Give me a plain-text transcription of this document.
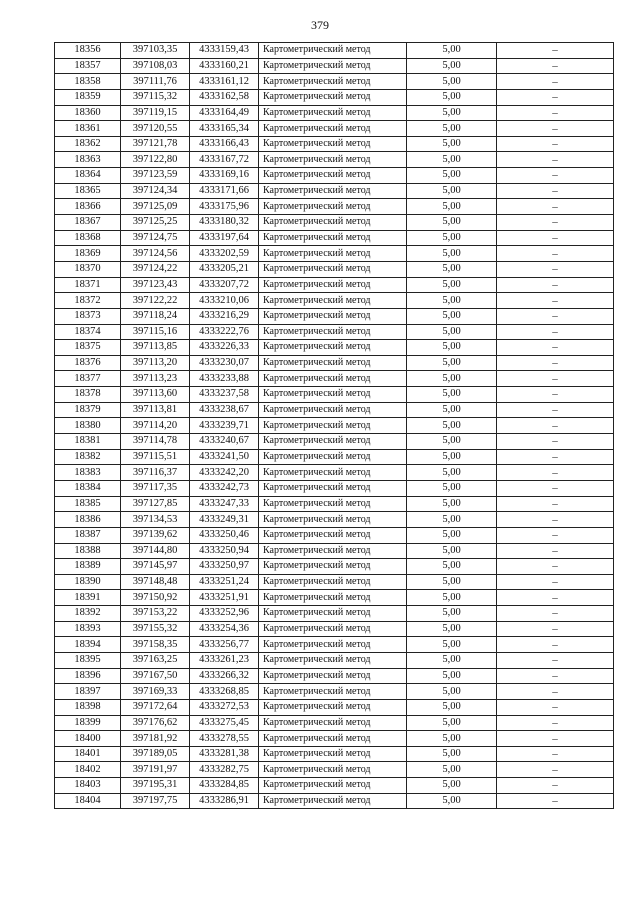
379
18356	397103,35	4333159,43	Картометрический метод	5,00	–
18357	397108,03	4333160,21	Картометрический метод	5,00	–
18358	397111,76	4333161,12	Картометрический метод	5,00	–
18359	397115,32	4333162,58	Картометрический метод	5,00	–
18360	397119,15	4333164,49	Картометрический метод	5,00	–
18361	397120,55	4333165,34	Картометрический метод	5,00	–
18362	397121,78	4333166,43	Картометрический метод	5,00	–
18363	397122,80	4333167,72	Картометрический метод	5,00	–
18364	397123,59	4333169,16	Картометрический метод	5,00	–
18365	397124,34	4333171,66	Картометрический метод	5,00	–
18366	397125,09	4333175,96	Картометрический метод	5,00	–
18367	397125,25	4333180,32	Картометрический метод	5,00	–
18368	397124,75	4333197,64	Картометрический метод	5,00	–
18369	397124,56	4333202,59	Картометрический метод	5,00	–
18370	397124,22	4333205,21	Картометрический метод	5,00	–
18371	397123,43	4333207,72	Картометрический метод	5,00	–
18372	397122,22	4333210,06	Картометрический метод	5,00	–
18373	397118,24	4333216,29	Картометрический метод	5,00	–
18374	397115,16	4333222,76	Картометрический метод	5,00	–
18375	397113,85	4333226,33	Картометрический метод	5,00	–
18376	397113,20	4333230,07	Картометрический метод	5,00	–
18377	397113,23	4333233,88	Картометрический метод	5,00	–
18378	397113,60	4333237,58	Картометрический метод	5,00	–
18379	397113,81	4333238,67	Картометрический метод	5,00	–
18380	397114,20	4333239,71	Картометрический метод	5,00	–
18381	397114,78	4333240,67	Картометрический метод	5,00	–
18382	397115,51	4333241,50	Картометрический метод	5,00	–
18383	397116,37	4333242,20	Картометрический метод	5,00	–
18384	397117,35	4333242,73	Картометрический метод	5,00	–
18385	397127,85	4333247,33	Картометрический метод	5,00	–
18386	397134,53	4333249,31	Картометрический метод	5,00	–
18387	397139,62	4333250,46	Картометрический метод	5,00	–
18388	397144,80	4333250,94	Картометрический метод	5,00	–
18389	397145,97	4333250,97	Картометрический метод	5,00	–
18390	397148,48	4333251,24	Картометрический метод	5,00	–
18391	397150,92	4333251,91	Картометрический метод	5,00	–
18392	397153,22	4333252,96	Картометрический метод	5,00	–
18393	397155,32	4333254,36	Картометрический метод	5,00	–
18394	397158,35	4333256,77	Картометрический метод	5,00	–
18395	397163,25	4333261,23	Картометрический метод	5,00	–
18396	397167,50	4333266,32	Картометрический метод	5,00	–
18397	397169,33	4333268,85	Картометрический метод	5,00	–
18398	397172,64	4333272,53	Картометрический метод	5,00	–
18399	397176,62	4333275,45	Картометрический метод	5,00	–
18400	397181,92	4333278,55	Картометрический метод	5,00	–
18401	397189,05	4333281,38	Картометрический метод	5,00	–
18402	397191,97	4333282,75	Картометрический метод	5,00	–
18403	397195,31	4333284,85	Картометрический метод	5,00	–
18404	397197,75	4333286,91	Картометрический метод	5,00	–
